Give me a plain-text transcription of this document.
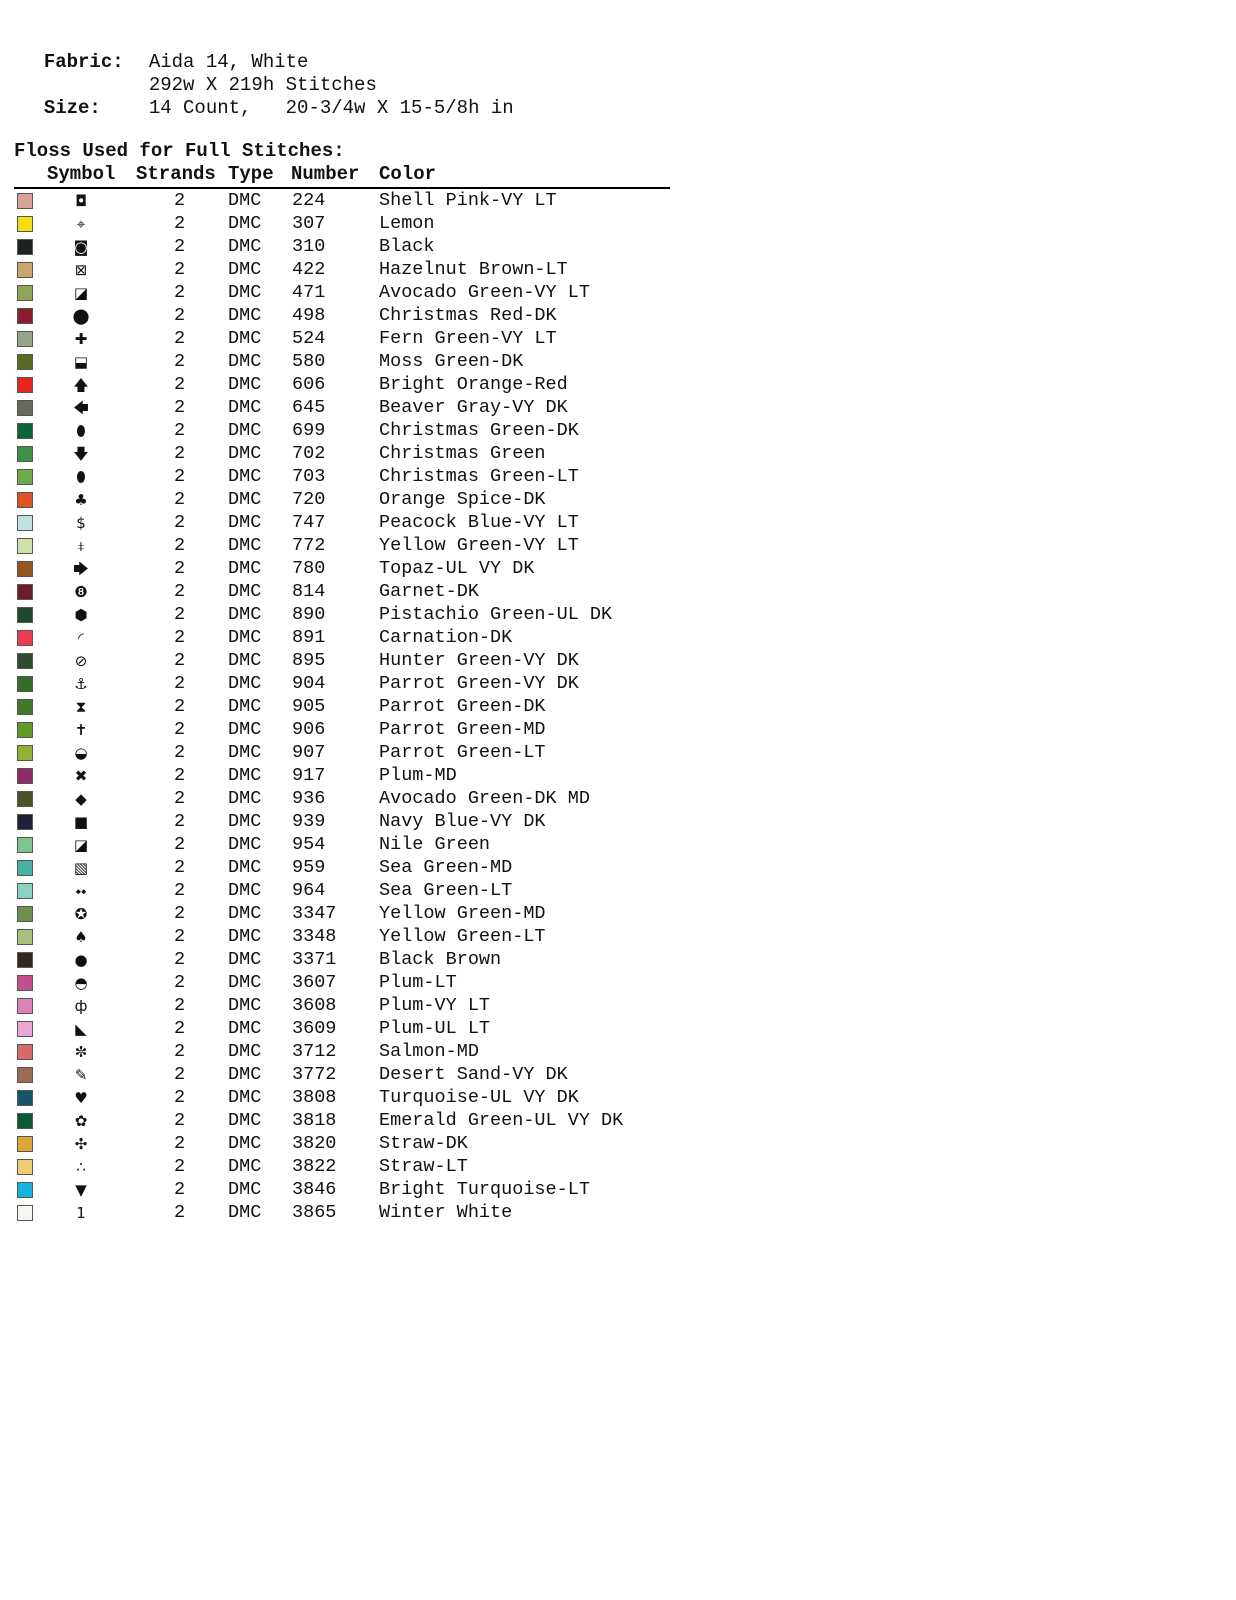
Fabric: Aida 14, White

292w X 219h Stitches

Size:	14 Count,   20-3/4w X 15-5/8h in

Floss Used for Full Stitches:
Symbol Strands Type Number Color
◘	2 DMC 224	Shell Pink-VY LT
⌖	2 DMC 307	Lemon
◙	2 DMC 310	Black
⊠	2 DMC 422	Hazelnut Brown-LT
◪	2 DMC 471	Avocado Green-VY LT
⬤	2 DMC 498	Christmas Red-DK
✚	2 DMC 524	Fern Green-VY LT
⬓	2 DMC 580	Moss Green-DK
🡅	2 DMC 606	Bright Orange-Red
🡄	2 DMC 645	Beaver Gray-VY DK
⬮	2 DMC 699	Christmas Green-DK
🡇	2 DMC 702	Christmas Green
⬮	2 DMC 703	Christmas Green-LT
♣	2 DMC 720	Orange Spice-DK
$	2 DMC 747	Peacock Blue-VY LT
⧧	2 DMC 772	Yellow Green-VY LT
🡆	2 DMC 780	Topaz-UL VY DK
❽	2 DMC 814	Garnet-DK
⬢	2 DMC 890	Pistachio Green-UL DK
◜	2 DMC 891	Carnation-DK
⊘	2 DMC 895	Hunter Green-VY DK
⚓	2 DMC 904	Parrot Green-VY DK
⧗	2 DMC 905	Parrot Green-DK
✝	2 DMC 906	Parrot Green-MD
◒	2 DMC 907	Parrot Green-LT
✖	2 DMC 917	Plum-MD
◆	2 DMC 936	Avocado Green-DK MD
■	2 DMC 939	Navy Blue-VY DK
◪	2 DMC 954	Nile Green
▧	2 DMC 959	Sea Green-MD
⬩⬩	2 DMC 964	Sea Green-LT
✪	2 DMC 3347 Yellow Green-MD
♠	2 DMC 3348 Yellow Green-LT
●	2 DMC 3371 Black Brown
◓	2 DMC 3607 Plum-LT
ф	2 DMC 3608 Plum-VY LT
◣	2 DMC 3609 Plum-UL LT
✼	2 DMC 3712 Salmon-MD
✎	2 DMC 3772 Desert Sand-VY DK
♥	2 DMC 3808 Turquoise-UL VY DK
✿	2 DMC 3818 Emerald Green-UL VY DK
✣	2 DMC 3820 Straw-DK
∴	2 DMC 3822 Straw-LT
▼	2 DMC 3846 Bright Turquoise-LT
1	2 DMC 3865 Winter White
